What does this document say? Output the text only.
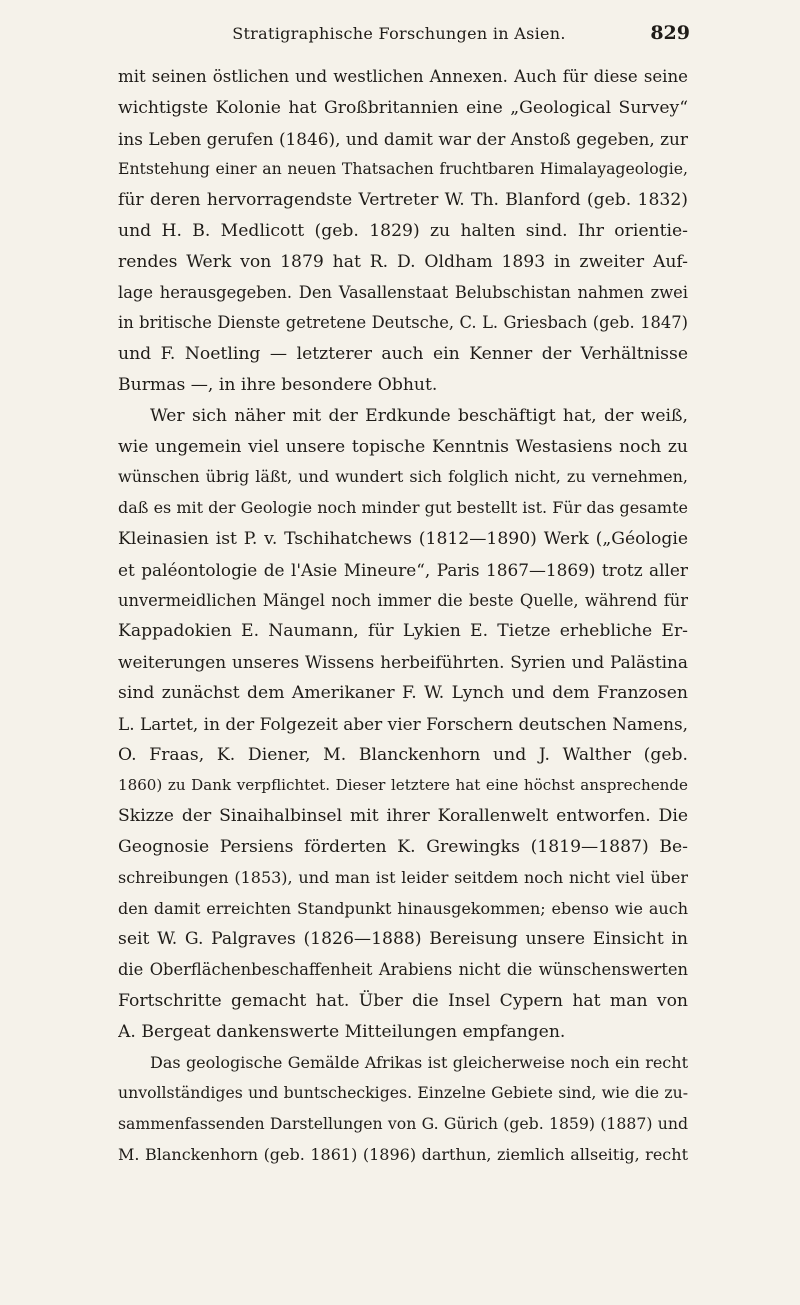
Stratigraphische Forschungen in Asien.	829
mit seinen östlichen und westlichen Annexen. Auch für diese seine
wichtigste Kolonie hat Großbritannien eine „Geological Survey“
ins Leben gerufen (1846), und damit war der Anstoß gegeben, zur
Entstehung einer an neuen Thatsachen fruchtbaren Himalayageologie,
für deren hervorragendste Vertreter W. Th. Blanford (geb. 1832)
und H. B. Medlicott (geb. 1829) zu halten sind. Ihr orientie-
rendes Werk von 1879 hat R. D. Oldham 1893 in zweiter Auf-
lage herausgegeben. Den Vasallenstaat Belubschistan nahmen zwei
in britische Dienste getretene Deutsche, C. L. Griesbach (geb. 1847)
und F. Noetling — letzterer auch ein Kenner der Verhältnisse
Burmas —, in ihre besondere Obhut.
Wer sich näher mit der Erdkunde beschäftigt hat, der weiß,
wie ungemein viel unsere topische Kenntnis Westasiens noch zu
wünschen übrig läßt, und wundert sich folglich nicht, zu vernehmen,
daß es mit der Geologie noch minder gut bestellt ist. Für das gesamte
Kleinasien ist P. v. Tschihatchews (1812—1890) Werk („Géologie
et paléontologie de l'Asie Mineure“, Paris 1867—1869) trotz aller
unvermeidlichen Mängel noch immer die beste Quelle, während für
Kappadokien E. Naumann, für Lykien E. Tietze erhebliche Er-
weiterungen unseres Wissens herbeiführten. Syrien und Palästina
sind zunächst dem Amerikaner F. W. Lynch und dem Franzosen
L. Lartet, in der Folgezeit aber vier Forschern deutschen Namens,
O. Fraas, K. Diener, M. Blanckenhorn und J. Walther (geb.
1860) zu Dank verpflichtet. Dieser letztere hat eine höchst ansprechende
Skizze der Sinaihalbinsel mit ihrer Korallenwelt entworfen. Die
Geognosie Persiens förderten K. Grewingks (1819—1887) Be-
schreibungen (1853), und man ist leider seitdem noch nicht viel über
den damit erreichten Standpunkt hinausgekommen; ebenso wie auch
seit W. G. Palgraves (1826—1888) Bereisung unsere Einsicht in
die Oberflächenbeschaffenheit Arabiens nicht die wünschenswerten
Fortschritte gemacht hat. Über die Insel Cypern hat man von
A. Bergeat dankenswerte Mitteilungen empfangen.
Das geologische Gemälde Afrikas ist gleicherweise noch ein recht
unvollständiges und buntscheckiges. Einzelne Gebiete sind, wie die zu-
sammenfassenden Darstellungen von G. Gürich (geb. 1859) (1887) und
M. Blanckenhorn (geb. 1861) (1896) darthun, ziemlich allseitig, recht
